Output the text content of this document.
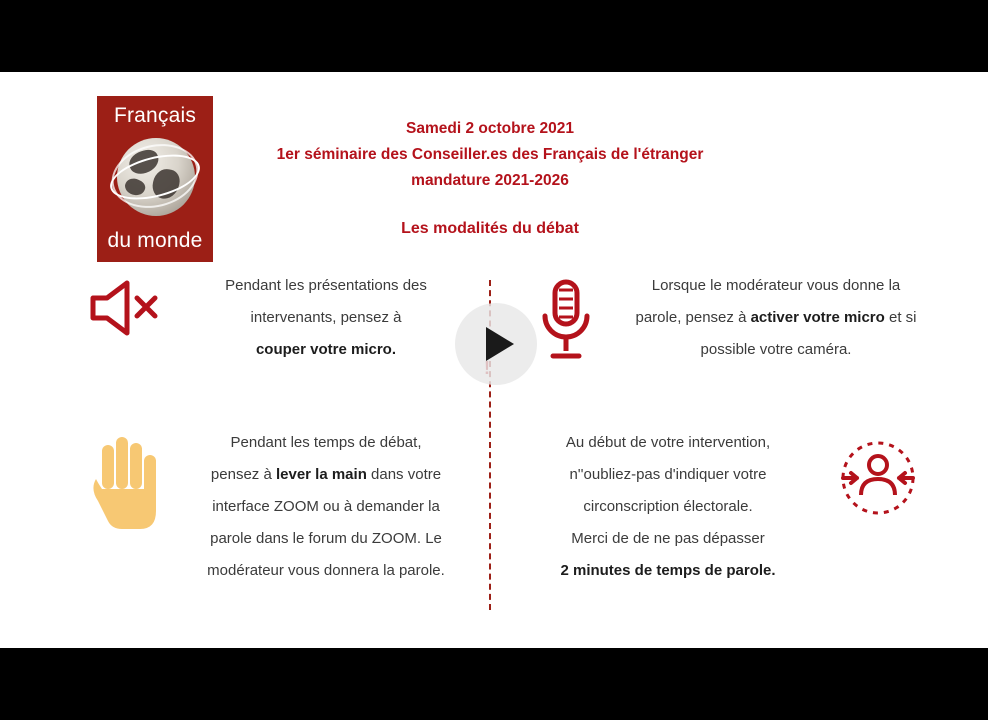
Français
du monde
Samedi 2 octobre 2021
1er séminaire des Conseiller.es des Français de l'étranger
mandature 2021-2026
Les modalités du débat
Pendant les présentations des
intervenants, pensez à
couper votre micro.
Lorsque le modérateur vous donne la
parole, pensez à activer votre micro et si
possible votre caméra.
Pendant les temps de débat,
pensez à lever la main dans votre
interface ZOOM ou à demander la
parole dans le forum du ZOOM. Le
modérateur vous donnera la parole.
Au début de votre intervention,
n''oubliez-pas d'indiquer votre
circonscription électorale.
Merci de de ne pas dépasser
2 minutes de temps de parole.
